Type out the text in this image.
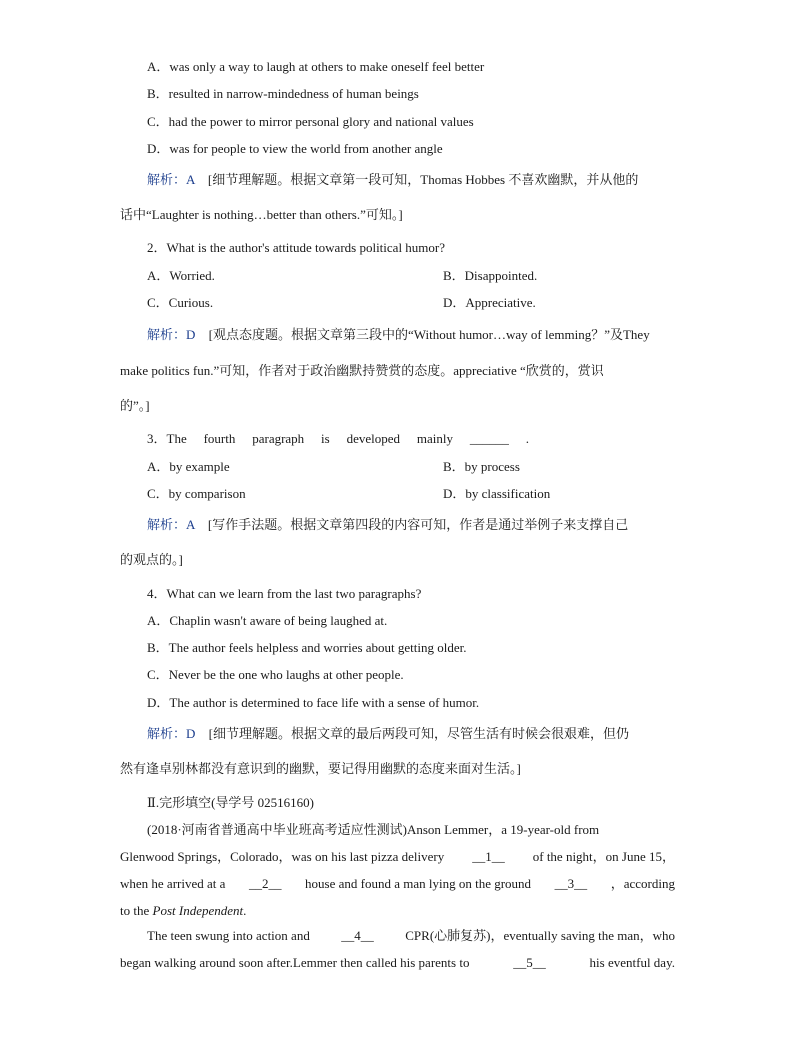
A．was only a way to laugh at others to make oneself feel better
B．resulted in narrow-mindedness of human beings
C．had the power to mirror personal glory and national values
D．was for people to view the world from another angle
解析：A [细节理解题。根据文章第一段可知，Thomas Hobbes 不喜欢幽默，并从他的
话中“Laughter is nothing…better than others.”可知。]
2．What is the author's attitude towards political humor?
A．Worried.	B．Disappointed.
C．Curious.	D．Appreciative.
解析：D [观点态度题。根据文章第三段中的“Without humor…way of lemming？”及They
make politics fun.”可知，作者对于政治幽默持赞赏的态度。appreciative “欣赏的，赏识
的”。]
3．The fourth paragraph is developed mainly ______ .
A．by example	B．by process
C．by comparison	D．by classification
解析：A [写作手法题。根据文章第四段的内容可知，作者是通过举例子来支撑自己
的观点的。]
4．What can we learn from the last two paragraphs?
A．Chaplin wasn't aware of being laughed at.
B．The author feels helpless and worries about getting older.
C．Never be the one who laughs at other people.
D．The author is determined to face life with a sense of humor.
解析：D [细节理解题。根据文章的最后两段可知，尽管生活有时候会很艰难，但仍
然有逢卓别林都没有意识到的幽默，要记得用幽默的态度来面对生活。]
Ⅱ.完形填空(导学号 02516160)
(2018·河南省普通高中毕业班高考适应性测试)Anson Lemmer，a 19-year-old from
Glenwood Springs，Colorado，was on his last pizza delivery __1__ of the night，on June 15，
when he arrived at a __2__ house and found a man lying on the ground __3__ ，according
to the Post Independent.
The teen swung into action and __4__ CPR(心肺复苏)，eventually saving the man，who
began walking around soon after.Lemmer then called his parents to	__5__	his eventful day.
